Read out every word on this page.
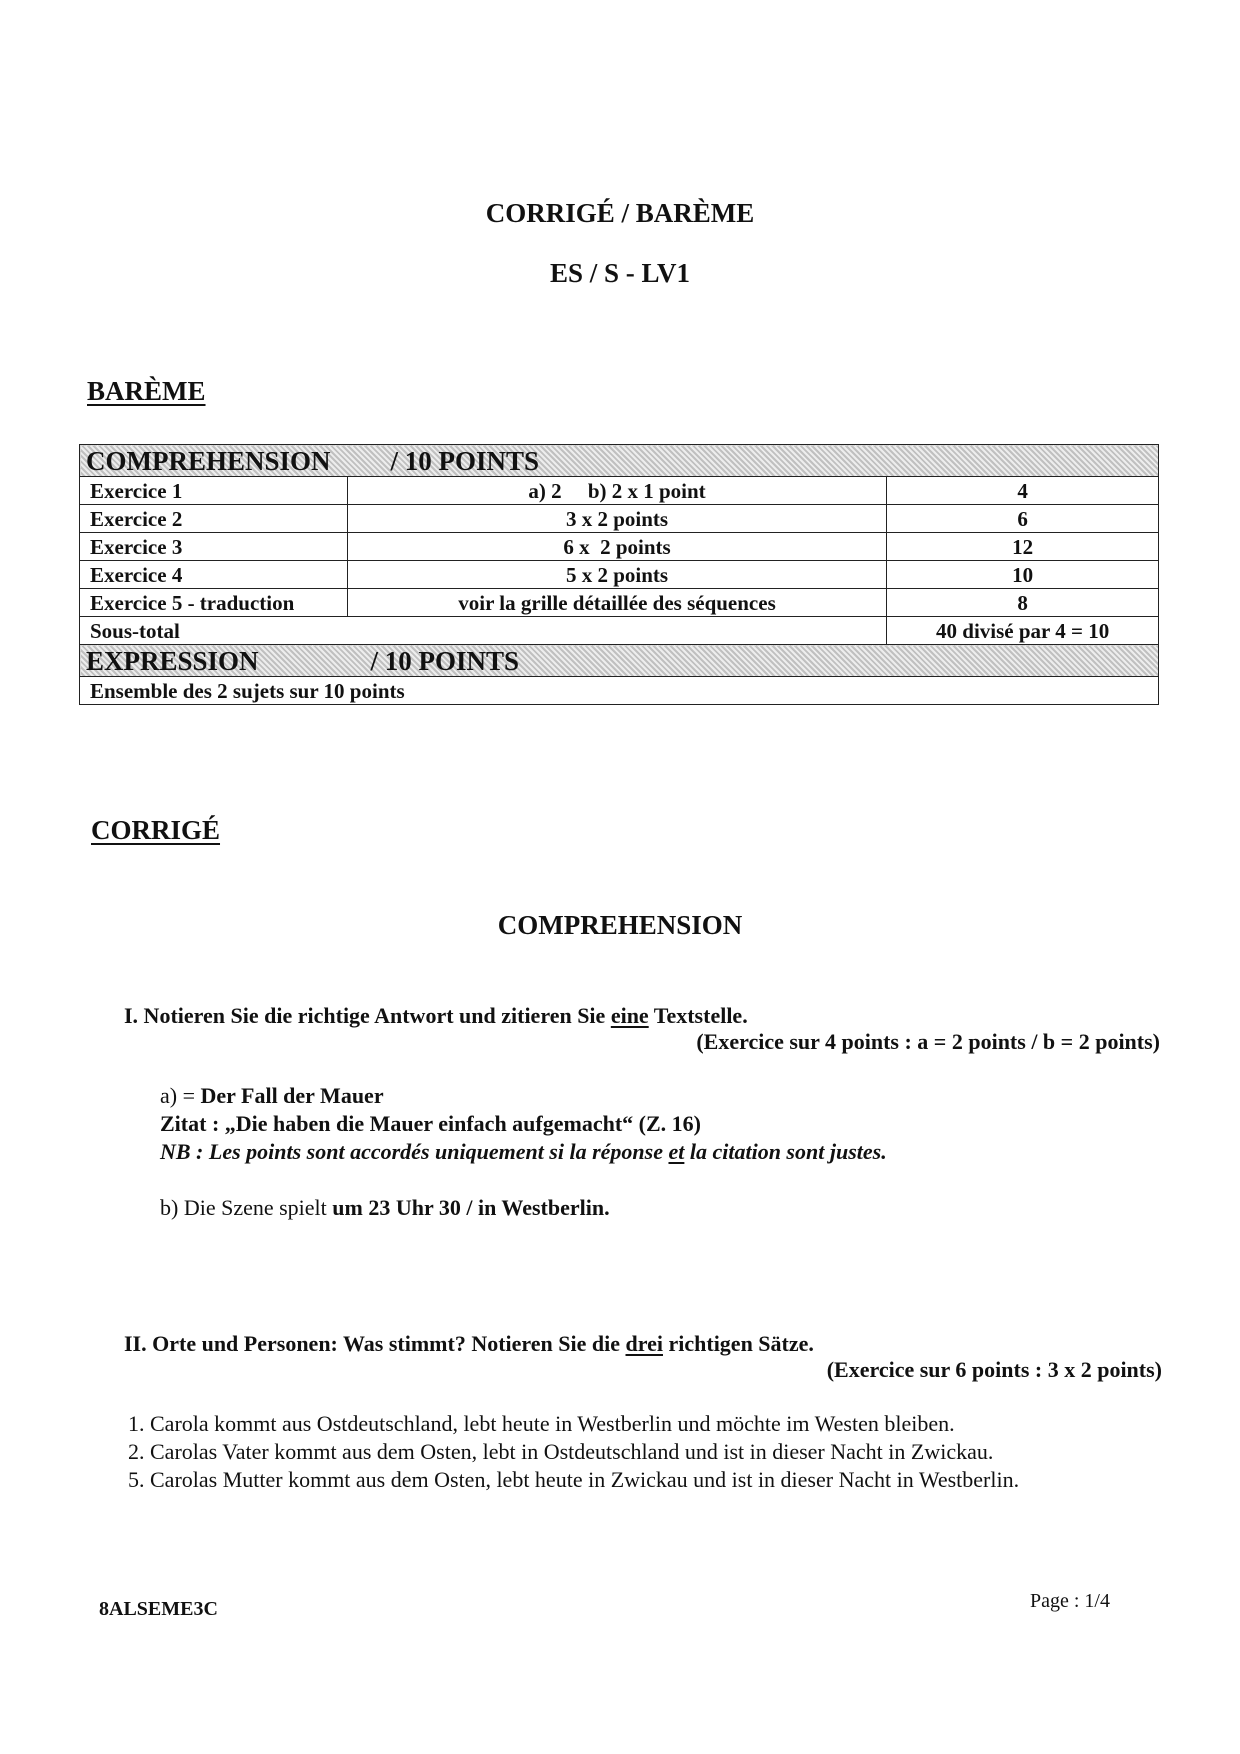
CORRIGÉ / BARÈME
ES / S - LV1
BARÈME
COMPREHENSION / 10 POINTS		
Exercice 1	a) 2     b) 2 x 1 point	4
Exercice 2	3 x 2 points	6
Exercice 3	6 x  2 points	12
Exercice 4	5 x 2 points	10
Exercice 5 - traduction	voir la grille détaillée des séquences	8
Sous-total		40 divisé par 4 = 10
EXPRESSION / 10 POINTS		
Ensemble des 2 sujets sur 10 points		
CORRIGÉ
COMPREHENSION
I. Notieren Sie die richtige Antwort und zitieren Sie eine Textstelle.
(Exercice sur 4 points : a = 2 points / b = 2 points)
a) = Der Fall der Mauer
Zitat : „Die haben die Mauer einfach aufgemacht“ (Z. 16)
NB : Les points sont accordés uniquement si la réponse et la citation sont justes.
b) Die Szene spielt um 23 Uhr 30 / in Westberlin.
II. Orte und Personen: Was stimmt? Notieren Sie die drei richtigen Sätze.
(Exercice sur 6 points : 3 x 2 points)
1. Carola kommt aus Ostdeutschland, lebt heute in Westberlin und möchte im Westen bleiben.
2. Carolas Vater kommt aus dem Osten, lebt in Ostdeutschland und ist in dieser Nacht in Zwickau.
5. Carolas Mutter kommt aus dem Osten, lebt heute in Zwickau und ist in dieser Nacht in Westberlin.
8ALSEME3C	Page : 1/4
